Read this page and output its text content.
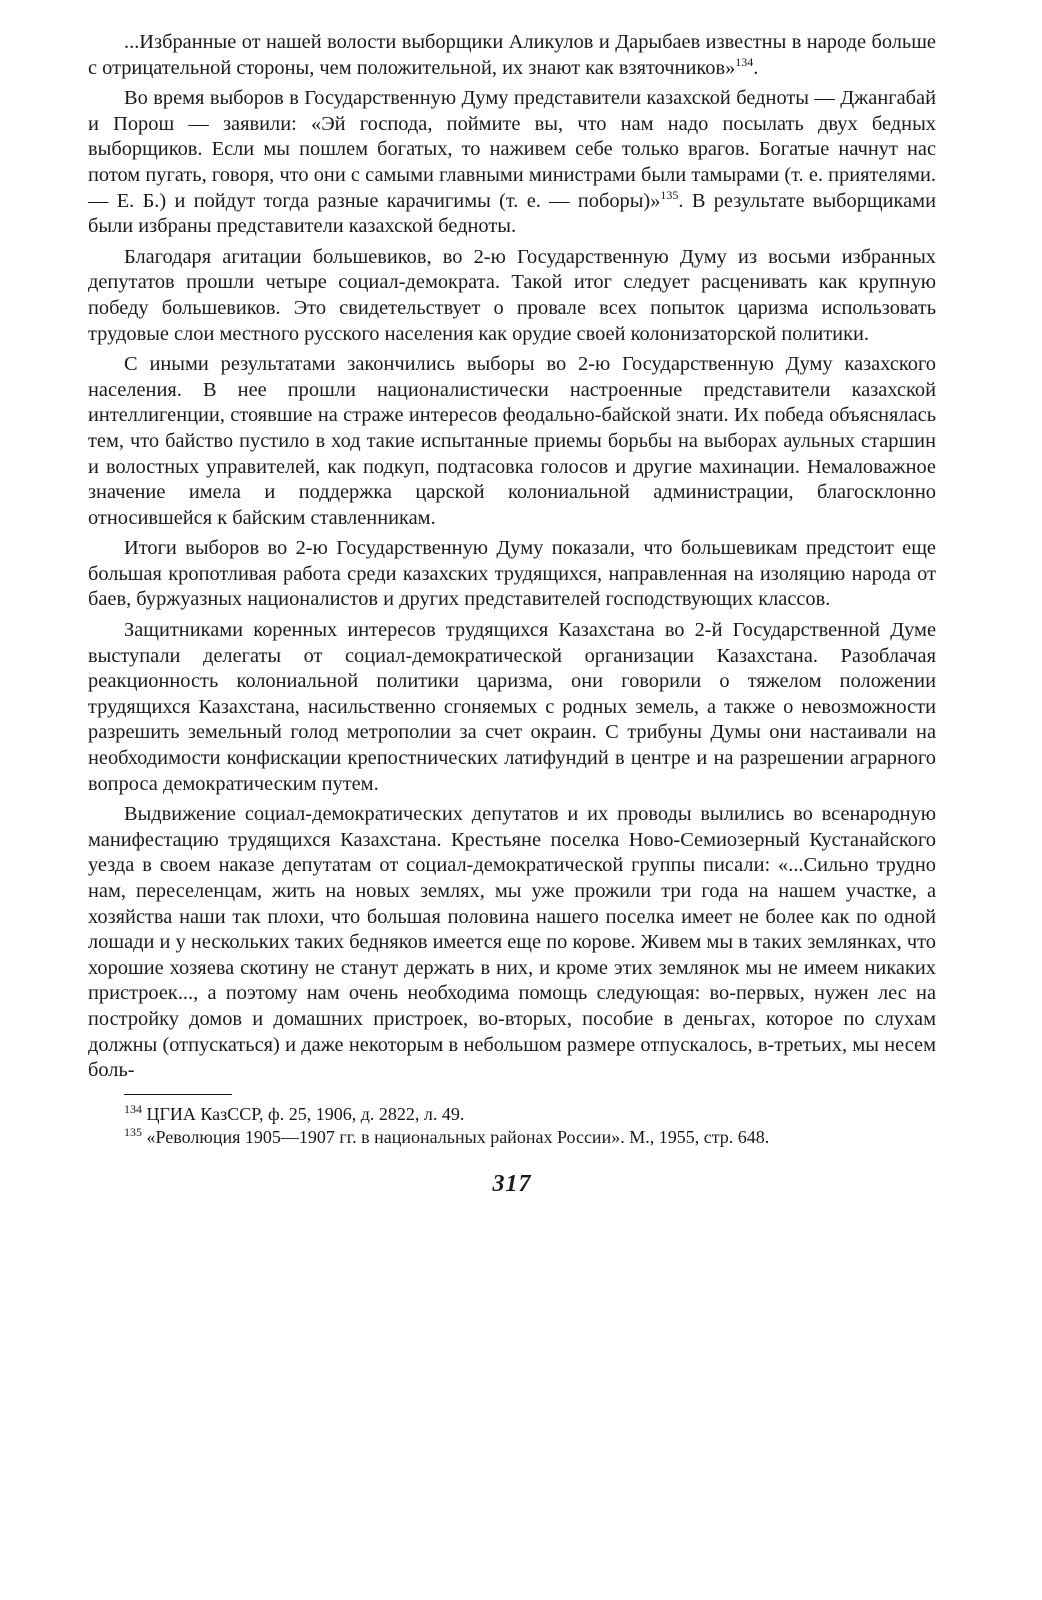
...Избранные от нашей волости выборщики Аликулов и Дарыбаев известны в народе больше с отрицательной стороны, чем положительной, их знают как взяточников»$^{134}$.

Во время выборов в Государственную Думу представители казахской бедноты — Джангабай и Порош — заявили: «Эй господа, поймите вы, что нам надо посылать двух бедных выборщиков. Если мы пошлем богатых, то наживем себе только врагов. Богатые начнут нас потом пугать, говоря, что они с самыми главными министрами были тамырами (т. е. приятелями. — Е. Б.) и пойдут тогда разные карачигимы (т. е. — поборы)»$^{135}$. В результате выборщиками были избраны представители казахской бедноты.

Благодаря агитации большевиков, во 2-ю Государственную Думу из восьми избранных депутатов прошли четыре социал-демократа. Такой итог следует расценивать как крупную победу большевиков. Это свидетельствует о провале всех попыток царизма использовать трудовые слои местного русского населения как орудие своей колонизаторской политики.

С иными результатами закончились выборы во 2-ю Государственную Думу казахского населения. В нее прошли националистически настроенные представители казахской интеллигенции, стоявшие на страже интересов феодально-байской знати. Их победа объяснялась тем, что байство пустило в ход такие испытанные приемы борьбы на выборах аульных старшин и волостных управителей, как подкуп, подтасовка голосов и другие махинации. Немаловажное значение имела и поддержка царской колониальной администрации, благосклонно относившейся к байским ставленникам.

Итоги выборов во 2-ю Государственную Думу показали, что большевикам предстоит еще большая кропотливая работа среди казахских трудящихся, направленная на изоляцию народа от баев, буржуазных националистов и других представителей господствующих классов.

Защитниками коренных интересов трудящихся Казахстана во 2-й Государственной Думе выступали делегаты от социал-демократической организации Казахстана. Разоблачая реакционность колониальной политики царизма, они говорили о тяжелом положении трудящихся Казахстана, насильственно сгоняемых с родных земель, а также о невозможности разрешить земельный голод метрополии за счет окраин. С трибуны Думы они настаивали на необходимости конфискации крепостнических латифундий в центре и на разрешении аграрного вопроса демократическим путем.

Выдвижение социал-демократических депутатов и их проводы вылились во всенародную манифестацию трудящихся Казахстана. Крестьяне поселка Ново-Семиозерный Кустанайского уезда в своем наказе депутатам от социал-демократической группы писали: «...Сильно трудно нам, переселенцам, жить на новых землях, мы уже прожили три года на нашем участке, а хозяйства наши так плохи, что большая половина нашего поселка имеет не более как по одной лошади и у нескольких таких бедняков имеется еще по корове. Живем мы в таких землянках, что хорошие хозяева скотину не станут держать в них, и кроме этих землянок мы не имеем никаких пристроек..., а поэтому нам очень необходима помощь следующая: во-первых, нужен лес на постройку домов и домашних пристроек, во-вторых, пособие в деньгах, которое по слухам должны (отпускаться) и даже некоторым в небольшом размере отпускалось, в-третьих, мы несем боль-

$^{134}$ ЦГИА КазССР, ф. 25, 1906, д. 2822, л. 49.

$^{135}$ «Революция 1905—1907 гг. в национальных районах России». М., 1955, стр. 648.

317
